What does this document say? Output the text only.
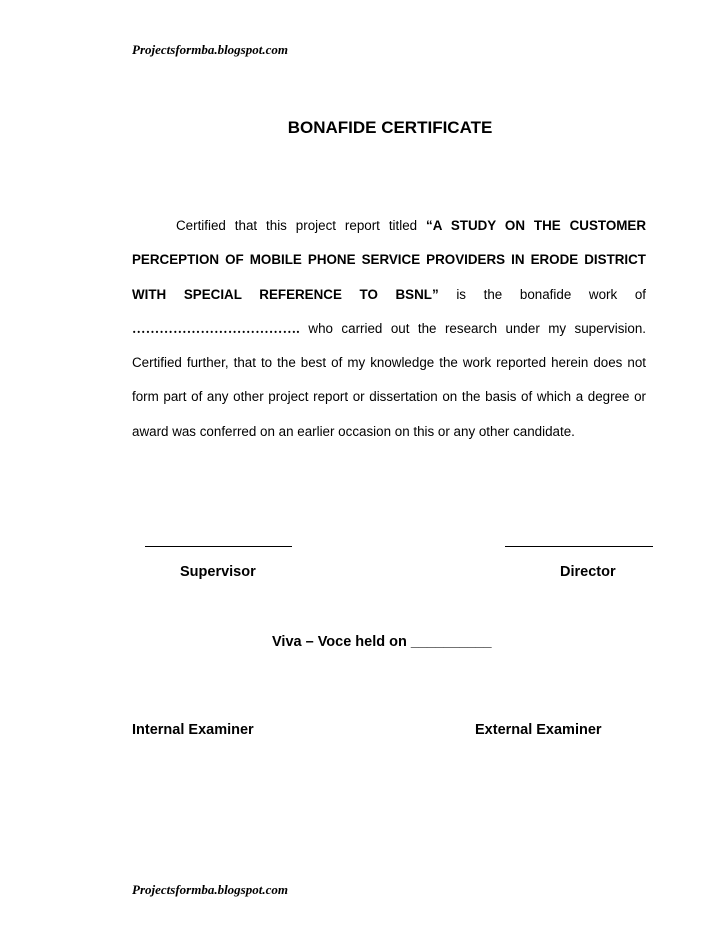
Projectsformba.blogspot.com
BONAFIDE CERTIFICATE

Certified that this project report titled “A STUDY ON THE CUSTOMER PERCEPTION OF MOBILE PHONE SERVICE PROVIDERS IN ERODE DISTRICT WITH SPECIAL REFERENCE TO BSNL” is the bonafide work of ………………………………. who carried out the research under my supervision. Certified further, that to the best of my knowledge the work reported herein does not form part of any other project report or dissertation on the basis of which a degree or award was conferred on an earlier occasion on this or any other candidate.

Supervisor	Director
Viva – Voce held on __________
Internal Examiner	External Examiner
Projectsformba.blogspot.com
